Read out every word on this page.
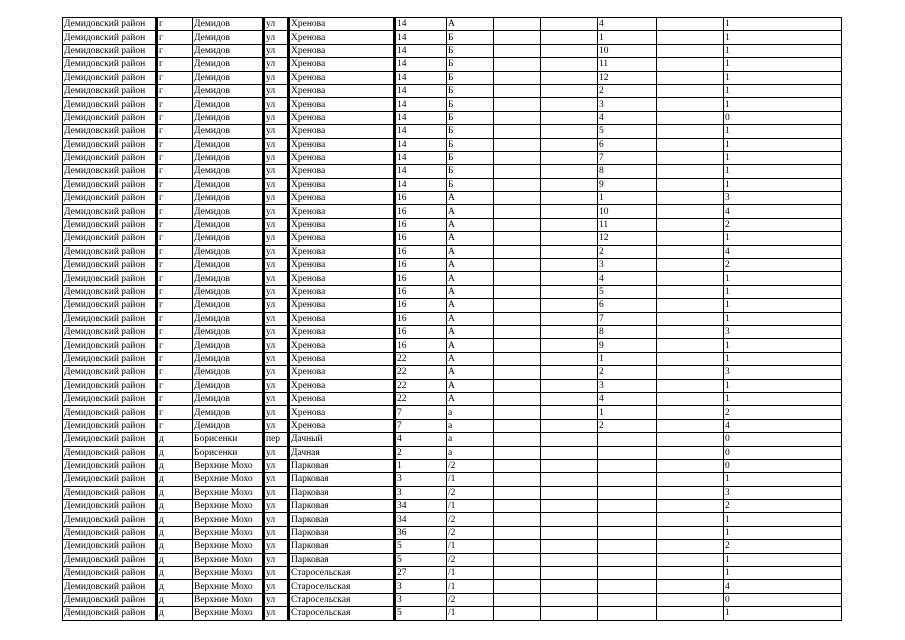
Демидовский район	г	Демидов	ул	Хренова	14	А			4		1
Демидовский район	г	Демидов	ул	Хренова	14	Б			1		1
Демидовский район	г	Демидов	ул	Хренова	14	Б			10		1
Демидовский район	г	Демидов	ул	Хренова	14	Б			11		1
Демидовский район	г	Демидов	ул	Хренова	14	Б			12		1
Демидовский район	г	Демидов	ул	Хренова	14	Б			2		1
Демидовский район	г	Демидов	ул	Хренова	14	Б			3		1
Демидовский район	г	Демидов	ул	Хренова	14	Б			4		0
Демидовский район	г	Демидов	ул	Хренова	14	Б			5		1
Демидовский район	г	Демидов	ул	Хренова	14	Б			6		1
Демидовский район	г	Демидов	ул	Хренова	14	Б			7		1
Демидовский район	г	Демидов	ул	Хренова	14	Б			8		1
Демидовский район	г	Демидов	ул	Хренова	14	Б			9		1
Демидовский район	г	Демидов	ул	Хренова	16	А			1		3
Демидовский район	г	Демидов	ул	Хренова	16	А			10		4
Демидовский район	г	Демидов	ул	Хренова	16	А			11		2
Демидовский район	г	Демидов	ул	Хренова	16	А			12		1
Демидовский район	г	Демидов	ул	Хренова	16	А			2		4
Демидовский район	г	Демидов	ул	Хренова	16	А			3		2
Демидовский район	г	Демидов	ул	Хренова	16	А			4		1
Демидовский район	г	Демидов	ул	Хренова	16	А			5		1
Демидовский район	г	Демидов	ул	Хренова	16	А			6		1
Демидовский район	г	Демидов	ул	Хренова	16	А			7		1
Демидовский район	г	Демидов	ул	Хренова	16	А			8		3
Демидовский район	г	Демидов	ул	Хренова	16	А			9		1
Демидовский район	г	Демидов	ул	Хренова	22	А			1		1
Демидовский район	г	Демидов	ул	Хренова	22	А			2		3
Демидовский район	г	Демидов	ул	Хренова	22	А			3		1
Демидовский район	г	Демидов	ул	Хренова	22	А			4		1
Демидовский район	г	Демидов	ул	Хренова	7	а			1		2
Демидовский район	г	Демидов	ул	Хренова	7	а			2		4
Демидовский район	д	Борисенки	пер	Дачный	4	а					0
Демидовский район	д	Борисенки	ул	Дачная	2	а					0
Демидовский район	д	Верхние Мохо	ул	Парковая	1	/2					0
Демидовский район	д	Верхние Мохо	ул	Парковая	3	/1					1
Демидовский район	д	Верхние Мохо	ул	Парковая	3	/2					3
Демидовский район	д	Верхние Мохо	ул	Парковая	34	/1					2
Демидовский район	д	Верхние Мохо	ул	Парковая	34	/2					1
Демидовский район	д	Верхние Мохо	ул	Парковая	36	/2					1
Демидовский район	д	Верхние Мохо	ул	Парковая	5	/1					2
Демидовский район	д	Верхние Мохо	ул	Парковая	5	/2					1
Демидовский район	д	Верхние Мохо	ул	Старосельская	27	/1					1
Демидовский район	д	Верхние Мохо	ул	Старосельская	3	/1					4
Демидовский район	д	Верхние Мохо	ул	Старосельская	3	/2					0
Демидовский район	д	Верхние Мохо	ул	Старосельская	5	/1					1
